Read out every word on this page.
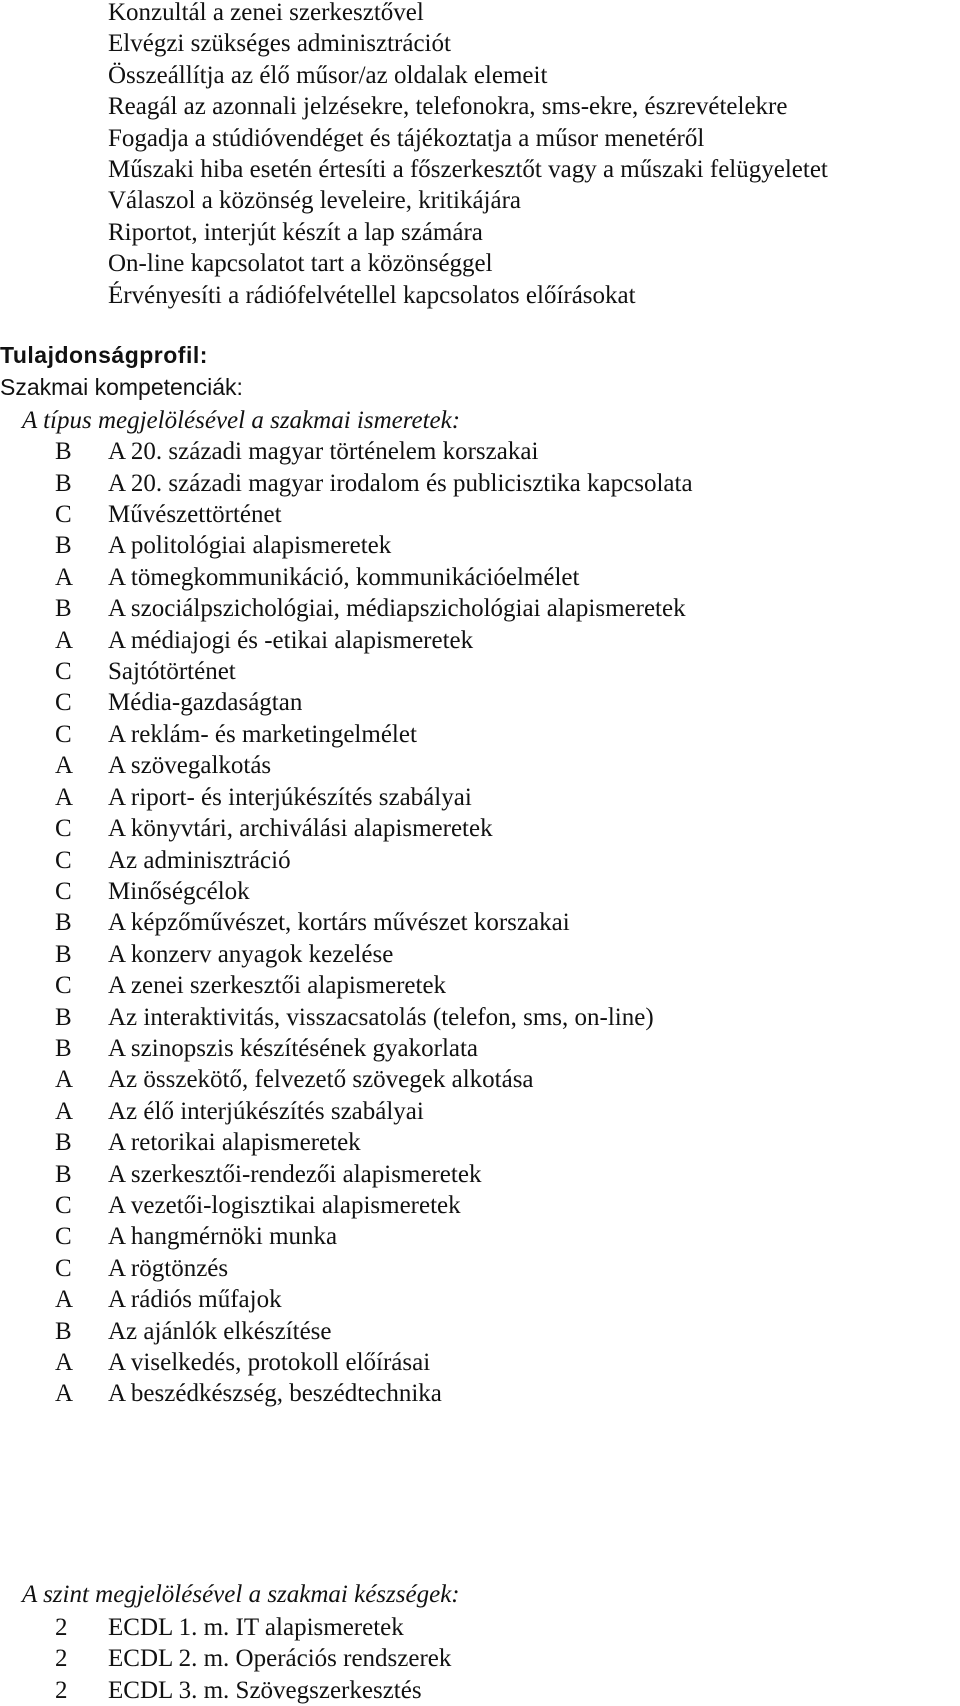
Konzultál a zenei szerkesztővel
Elvégzi szükséges adminisztrációt
Összeállítja az élő műsor/az oldalak elemeit
Reagál az azonnali jelzésekre, telefonokra, sms-ekre, észrevételekre
Fogadja a stúdióvendéget és tájékoztatja a műsor menetéről
Műszaki hiba esetén értesíti a főszerkesztőt vagy a műszaki felügyeletet
Válaszol a közönség leveleire, kritikájára
Riportot, interjút készít a lap számára
On-line kapcsolatot tart a közönséggel
Érvényesíti a rádiófelvétellel kapcsolatos előírásokat
Tulajdonságprofil:
Szakmai kompetenciák:
A típus megjelölésével a szakmai ismeretek:
B	A 20. századi magyar történelem korszakai
B	A 20. századi magyar irodalom és publicisztika kapcsolata
C	Művészettörténet
B	A politológiai alapismeretek
A	A tömegkommunikáció, kommunikációelmélet
B	A szociálpszichológiai, médiapszichológiai alapismeretek
A	A médiajogi és -etikai alapismeretek
C	Sajtótörténet
C	Média-gazdaságtan
C	A reklám- és marketingelmélet
A	A szövegalkotás
A	A riport- és interjúkészítés szabályai
C	A könyvtári, archiválási alapismeretek
C	Az adminisztráció
C	Minőségcélok
B	A képzőművészet, kortárs művészet korszakai
B	A konzerv anyagok kezelése
C	A zenei szerkesztői alapismeretek
B	Az interaktivitás, visszacsatolás (telefon, sms, on-line)
B	A szinopszis készítésének gyakorlata
A	Az összekötő, felvezető szövegek alkotása
A	Az élő interjúkészítés szabályai
B	A retorikai alapismeretek
B	A szerkesztői-rendezői alapismeretek
C	A vezetői-logisztikai alapismeretek
C	A hangmérnöki munka
C	A rögtönzés
A	A rádiós műfajok
B	Az ajánlók elkészítése
A	A viselkedés, protokoll előírásai
A	A beszédkészség, beszédtechnika
A szint megjelölésével a szakmai készségek:
2	ECDL 1. m. IT alapismeretek
2	ECDL 2. m. Operációs rendszerek
2	ECDL 3. m. Szövegszerkesztés
